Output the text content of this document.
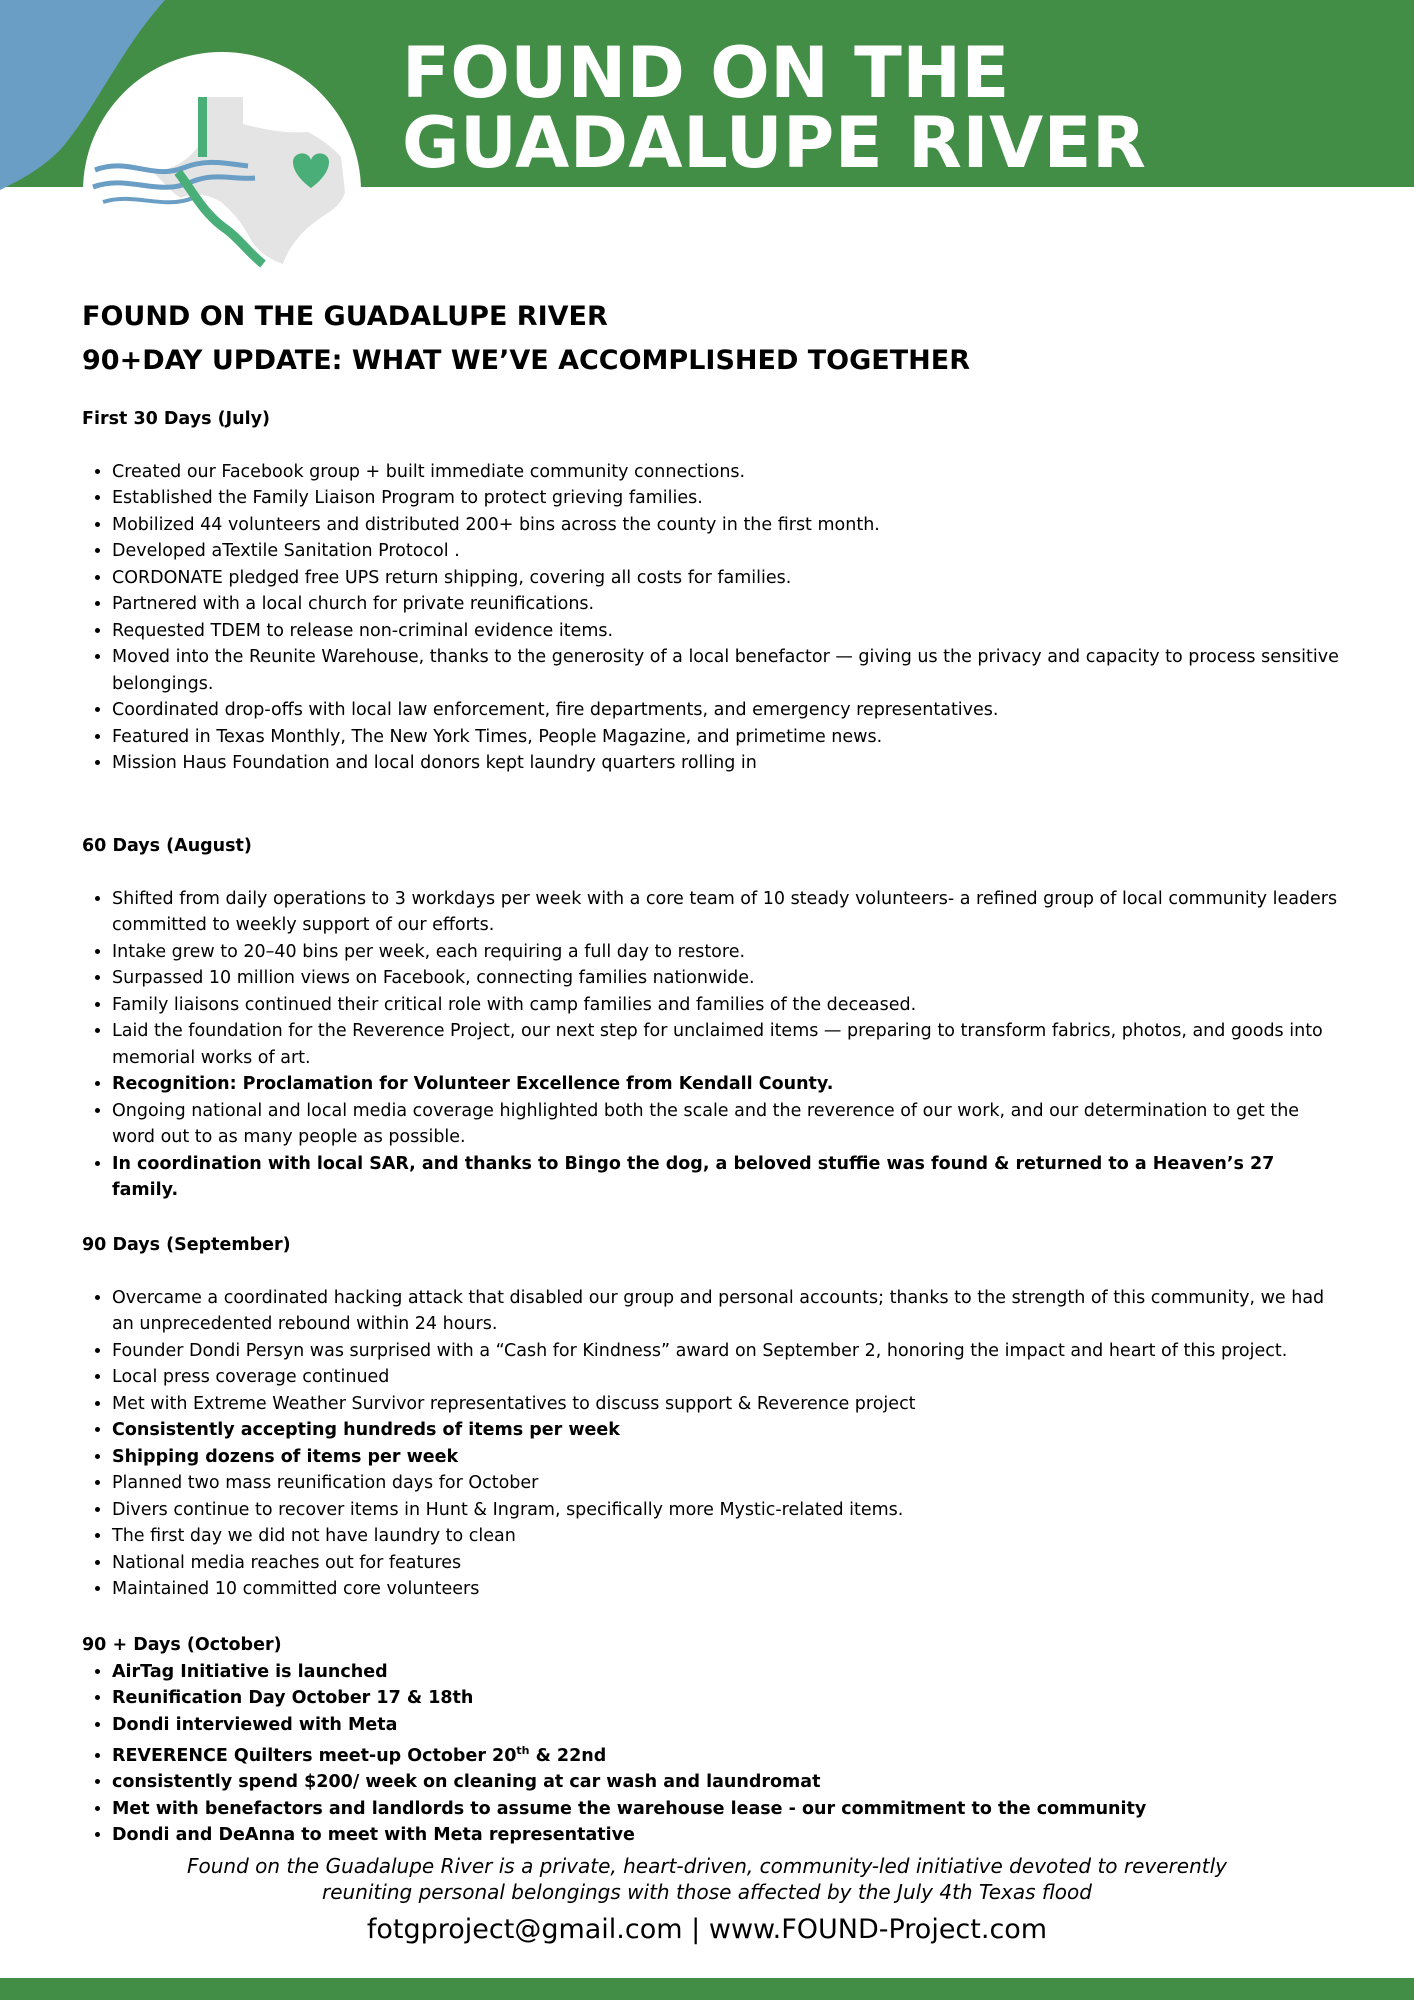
FOUND ON THE
GUADALUPE RIVER
FOUND ON THE GUADALUPE RIVER
90+DAY UPDATE: WHAT WE’VE ACCOMPLISHED TOGETHER

First 30 Days (July)

• Created our Facebook group + built immediate community connections.
• Established the Family Liaison Program to protect grieving families.
• Mobilized 44 volunteers and distributed 200+ bins across the county in the first month.
• Developed aTextile Sanitation Protocol .
• CORDONATE pledged free UPS return shipping, covering all costs for families.
• Partnered with a local church for private reunifications.
• Requested TDEM to release non-criminal evidence items.
• Moved into the Reunite Warehouse, thanks to the generosity of a local benefactor — giving us the privacy and capacity to process sensitive belongings.
• Coordinated drop-offs with local law enforcement, fire departments, and emergency representatives.
• Featured in Texas Monthly, The New York Times, People Magazine, and primetime news.
• Mission Haus Foundation and local donors kept laundry quarters rolling in

60 Days (August)

• Shifted from daily operations to 3 workdays per week with a core team of 10 steady volunteers- a refined group of local community leaders committed to weekly support of our efforts.
• Intake grew to 20–40 bins per week, each requiring a full day to restore.
• Surpassed 10 million views on Facebook, connecting families nationwide.
• Family liaisons continued their critical role with camp families and families of the deceased.
• Laid the foundation for the Reverence Project, our next step for unclaimed items — preparing to transform fabrics, photos, and goods into memorial works of art.
• Recognition: Proclamation for Volunteer Excellence from Kendall County.
• Ongoing national and local media coverage highlighted both the scale and the reverence of our work, and our determination to get the word out to as many people as possible.
• In coordination with local SAR, and thanks to Bingo the dog, a beloved stuffie was found & returned to a Heaven’s 27 family.

90 Days (September)

• Overcame a coordinated hacking attack that disabled our group and personal accounts; thanks to the strength of this community, we had an unprecedented rebound within 24 hours.
• Founder Dondi Persyn was surprised with a “Cash for Kindness” award on September 2, honoring the impact and heart of this project.
• Local press coverage continued
• Met with Extreme Weather Survivor representatives to discuss support & Reverence project
• Consistently accepting hundreds of items per week
• Shipping dozens of items per week
• Planned two mass reunification days for October
• Divers continue to recover items in Hunt & Ingram, specifically more Mystic-related items.
• The first day we did not have laundry to clean
• National media reaches out for features
• Maintained 10 committed core volunteers

90 + Days (October)

• AirTag Initiative is launched
• Reunification Day October 17 & 18th
• Dondi interviewed with Meta
• REVERENCE Quilters meet-up October 20th & 22nd
• consistently spend $200/ week on cleaning at car wash and laundromat
• Met with benefactors and landlords to assume the warehouse lease - our commitment to the community
• Dondi and DeAnna to meet with Meta representative

Found on the Guadalupe River is a private, heart-driven, community-led initiative devoted to reverently
reuniting personal belongings with those affected by the July 4th Texas flood

fotgproject@gmail.com | www.FOUND-Project.com
